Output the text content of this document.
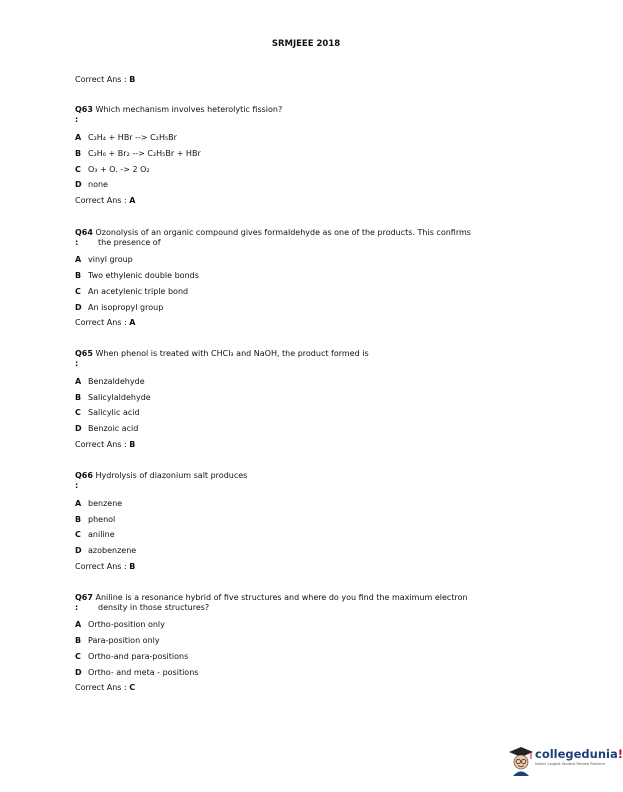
SRMJEEE 2018
Correct Ans : B
Q63 Which mechanism involves heterolytic fission?
:
A C₂H₄ + HBr --> C₂H₅Br
B C₂H₆ + Br₂ --> C₂H₅Br + HBr
C O₃ + O. -> 2 O₂
D none
Correct Ans : A
Q64 Ozonolysis of an organic compound gives formaldehyde as one of the products. This confirms
: the presence of
A vinyl group
B Two ethylenic double bonds
C An acetylenic triple bond
D An isopropyl group
Correct Ans : A
Q65 When phenol is treated with CHCl₃ and NaOH, the product formed is
:
A Benzaldehyde
B Salicylaldehyde
C Salicylic acid
D Benzoic acid
Correct Ans : B
Q66 Hydrolysis of diazonium salt produces
:
A benzene
B phenol
C aniline
D azobenzene
Correct Ans : B
Q67 Aniline is a resonance hybrid of five structures and where do you find the maximum electron
: density in those structures?
A Ortho-position only
B Para-position only
C Ortho-and para-positions
D Ortho- and meta - positions
Correct Ans : C
collegedunia!
India's Largest Student Review Platform
